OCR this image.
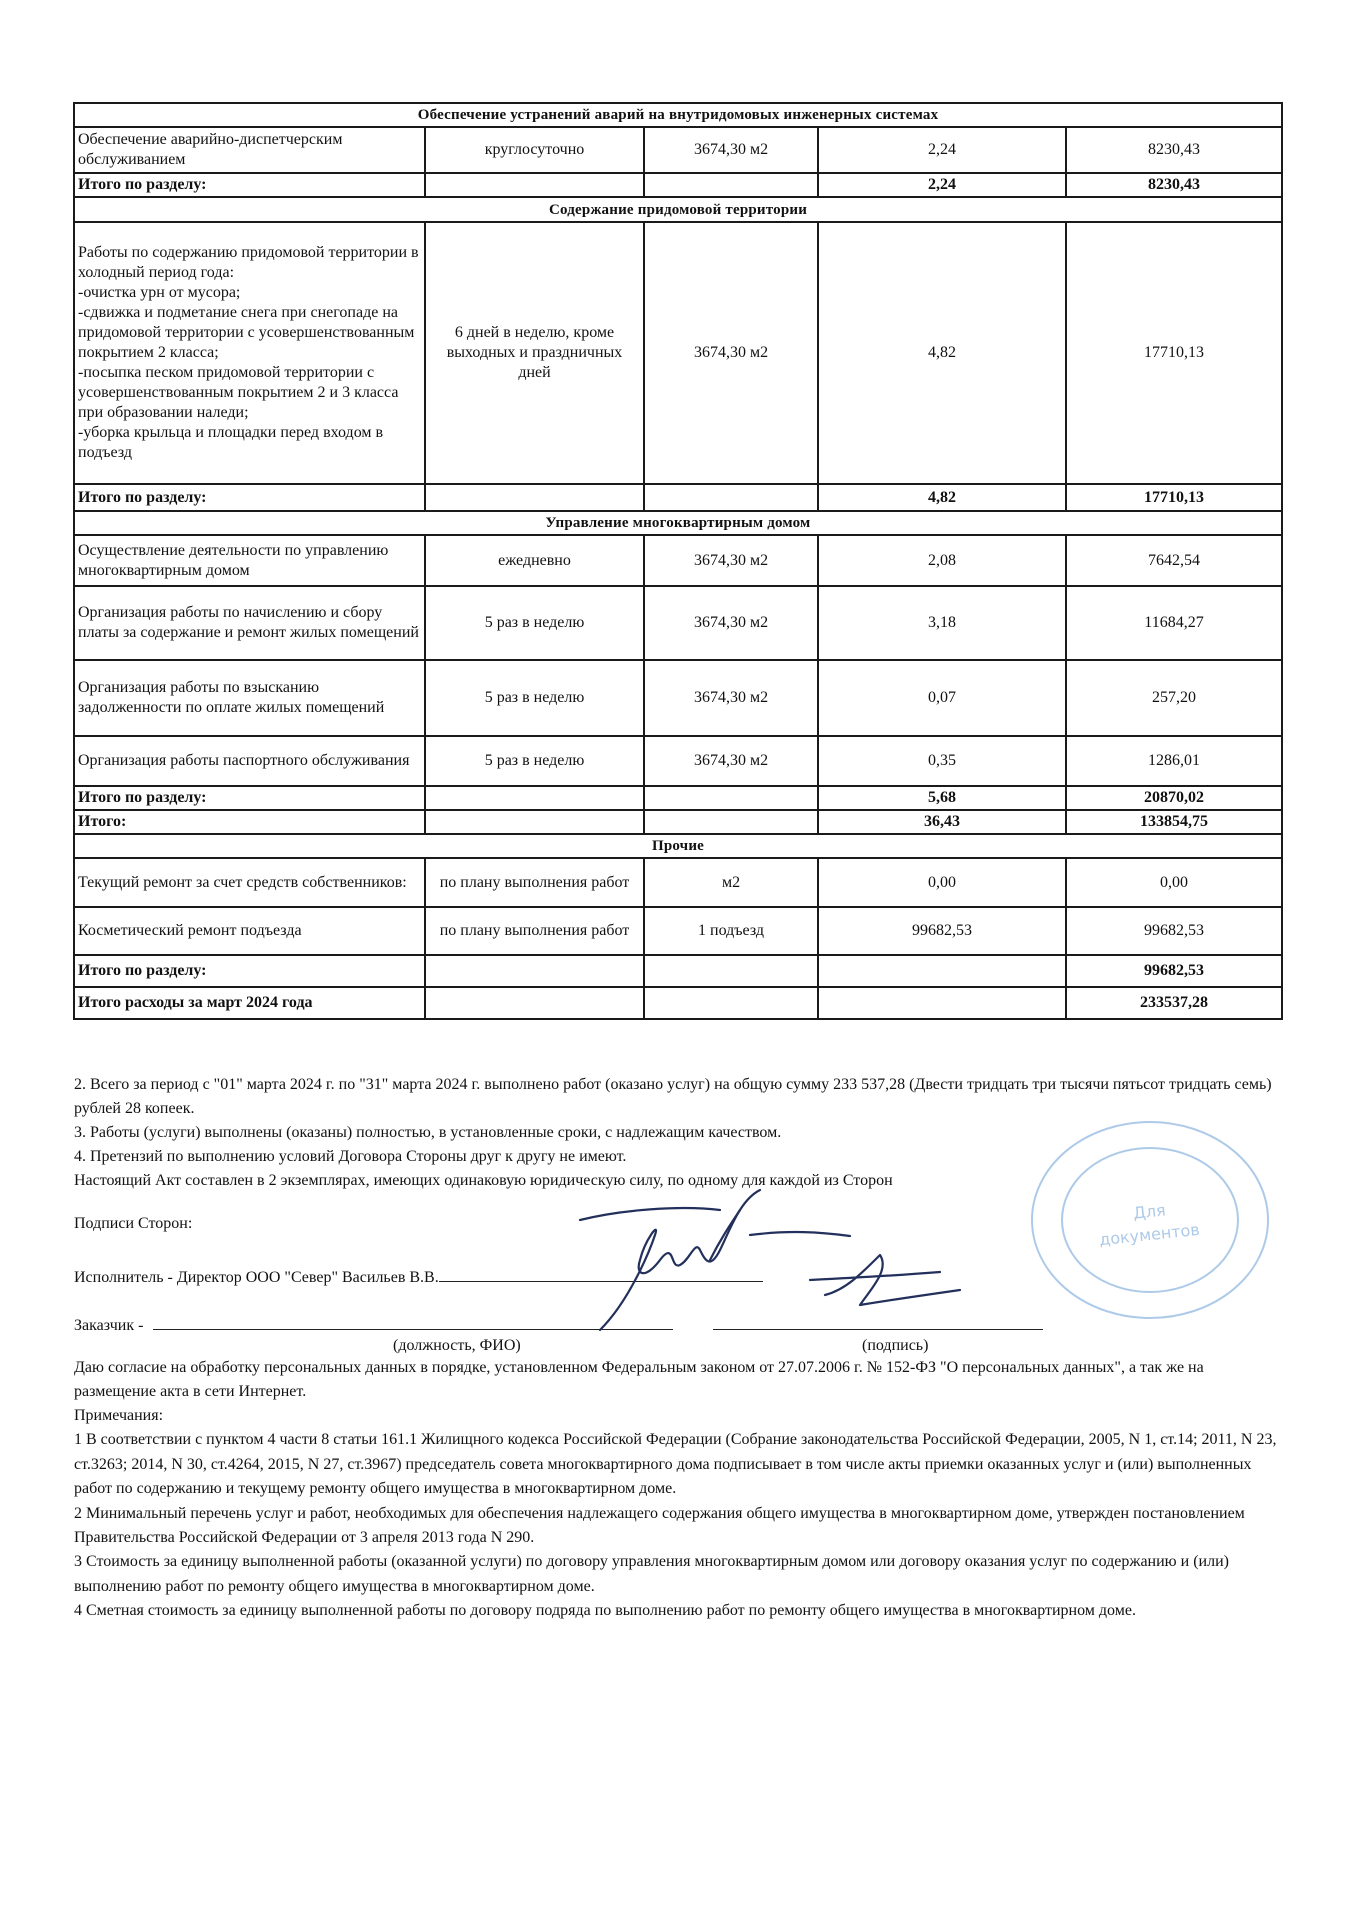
Обеспечение устранений аварий на внутридомовых инженерных системах				
Обеспечение аварийно-диспетчерским обслуживанием	круглосуточно	3674,30 м2	2,24	8230,43
Итого по разделу:			2,24	8230,43
Содержание придомовой территории				
Работы по содержанию придомовой территории в холодный период года:
-очистка урн от мусора;
-сдвижка и подметание снега при снегопаде на придомовой территории с усовершенствованным покрытием 2 класса;
-посыпка песком придомовой территории с усовершенствованным покрытием 2 и 3 класса при образовании наледи;
-уборка крыльца и площадки перед входом в подъезд	6 дней в неделю, кроме выходных и праздничных дней	3674,30 м2	4,82	17710,13
Итого по разделу:			4,82	17710,13
Управление многоквартирным домом				
Осуществление деятельности по управлению многоквартирным домом	ежедневно	3674,30 м2	2,08	7642,54
Организация работы по начислению и сбору платы за содержание и ремонт жилых помещений	5 раз в неделю	3674,30 м2	3,18	11684,27
Организация работы по взысканию задолженности по оплате жилых помещений	5 раз в неделю	3674,30 м2	0,07	257,20
Организация работы паспортного обслуживания	5 раз в неделю	3674,30 м2	0,35	1286,01
Итого по разделу:			5,68	20870,02
Итого:			36,43	133854,75
Прочие				
Текущий ремонт за счет средств собственников:	по плану выполнения работ	м2	0,00	0,00
Косметический ремонт подъезда	по плану выполнения работ	1 подъезд	99682,53	99682,53
Итого по разделу:				99682,53
Итого расходы за март 2024 года				233537,28

2. Всего за период с "01" марта 2024 г. по "31" марта 2024 г. выполнено работ (оказано услуг) на общую сумму 233 537,28 (Двести тридцать три тысячи пятьсот тридцать семь) рублей 28 копеек.

3. Работы (услуги) выполнены (оказаны) полностью, в установленные сроки, с надлежащим качеством.

4. Претензий по выполнению условий Договора Стороны друг к другу не имеют.

Настоящий Акт составлен в 2 экземплярах, имеющих одинаковую юридическую силу, по одному для каждой из Сторон

Подписи Сторон:
Исполнитель - Директор ООО "Север" Васильев В.В.
Заказчик -
(должность, ФИО)	(подпись)
Для
документов
Даю согласие на обработку персональных данных в порядке, установленном Федеральным законом от 27.07.2006 г. № 152-ФЗ "О персональных данных", а так же на размещение акта в сети Интернет.

Примечания:

1 В соответствии с пунктом 4 части 8 статьи 161.1 Жилищного кодекса Российской Федерации (Собрание законодательства Российской Федерации, 2005, N 1, ст.14; 2011, N 23, ст.3263; 2014, N 30, ст.4264, 2015, N 27, ст.3967) председатель совета многоквартирного дома подписывает в том числе акты приемки оказанных услуг и (или) выполненных работ по содержанию и текущему ремонту общего имущества в многоквартирном доме.

2 Минимальный перечень услуг и работ, необходимых для обеспечения надлежащего содержания общего имущества в многоквартирном доме, утвержден постановлением Правительства Российской Федерации от 3 апреля 2013 года N 290.

3 Стоимость за единицу выполненной работы (оказанной услуги) по договору управления многоквартирным домом или договору оказания услуг по содержанию и (или) выполнению работ по ремонту общего имущества в многоквартирном доме.

4 Сметная стоимость за единицу выполненной работы по договору подряда по выполнению работ по ремонту общего имущества в многоквартирном доме.
